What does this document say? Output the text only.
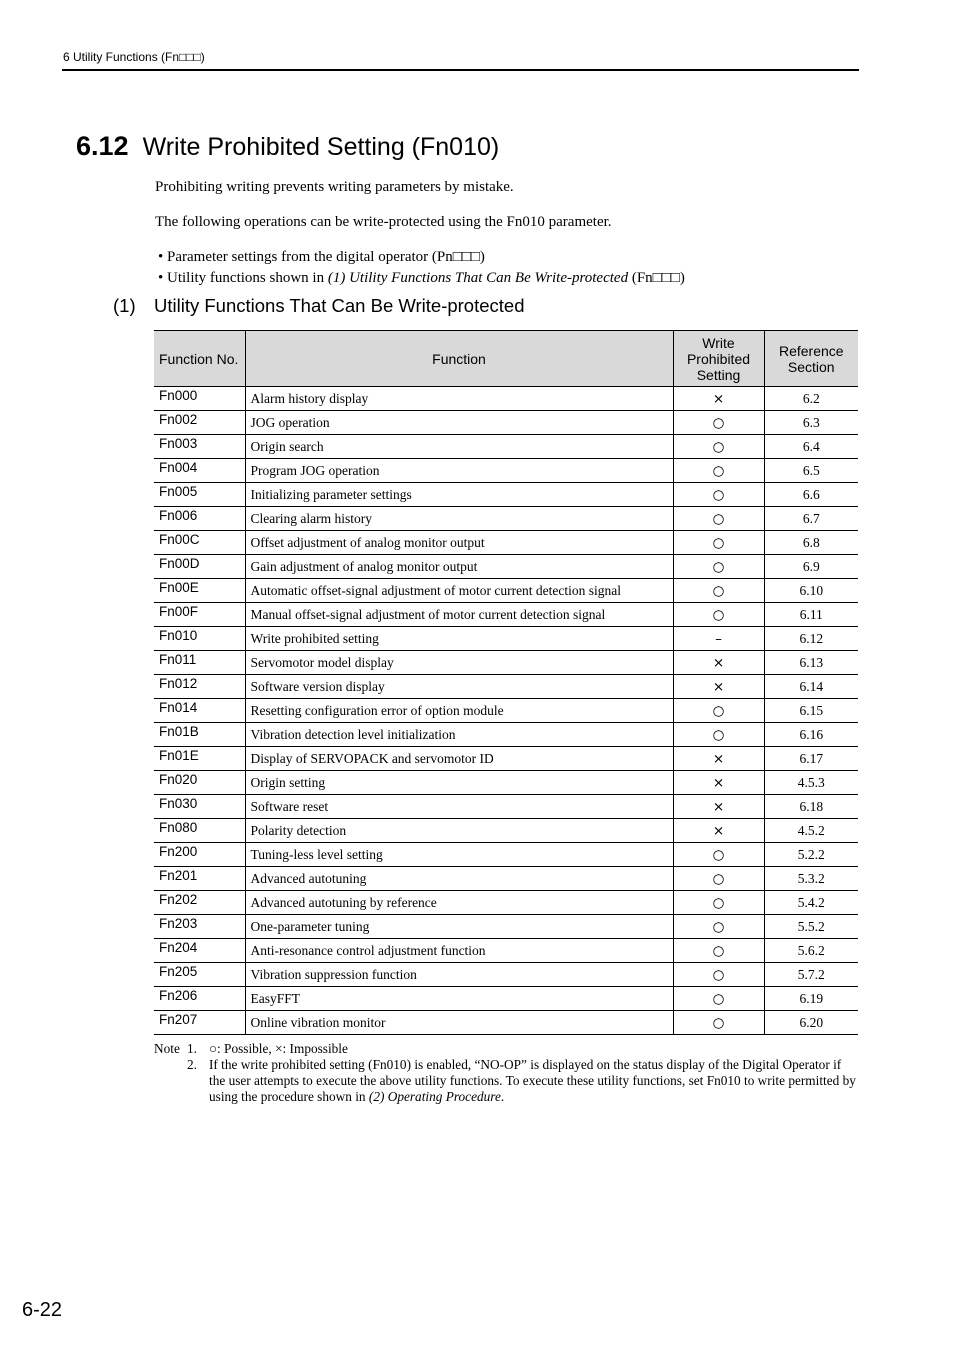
6 Utility Functions (Fn□□□)
6.12 Write Prohibited Setting (Fn010)
Prohibiting writing prevents writing parameters by mistake.
The following operations can be write-protected using the Fn010 parameter.
• Parameter settings from the digital operator (Pn□□□)
• Utility functions shown in (1) Utility Functions That Can Be Write-protected (Fn□□□)
(1) Utility Functions That Can Be Write-protected
Function No.	Function	Write Prohibited Setting	Reference Section
Fn000	Alarm history display	×	6.2
Fn002	JOG operation	○	6.3
Fn003	Origin search	○	6.4
Fn004	Program JOG operation	○	6.5
Fn005	Initializing parameter settings	○	6.6
Fn006	Clearing alarm history	○	6.7
Fn00C	Offset adjustment of analog monitor output	○	6.8
Fn00D	Gain adjustment of analog monitor output	○	6.9
Fn00E	Automatic offset-signal adjustment of motor current detection signal	○	6.10
Fn00F	Manual offset-signal adjustment of motor current detection signal	○	6.11
Fn010	Write prohibited setting	–	6.12
Fn011	Servomotor model display	×	6.13
Fn012	Software version display	×	6.14
Fn014	Resetting configuration error of option module	○	6.15
Fn01B	Vibration detection level initialization	○	6.16
Fn01E	Display of SERVOPACK and servomotor ID	×	6.17
Fn020	Origin setting	×	4.5.3
Fn030	Software reset	×	6.18
Fn080	Polarity detection	×	4.5.2
Fn200	Tuning-less level setting	○	5.2.2
Fn201	Advanced autotuning	○	5.3.2
Fn202	Advanced autotuning by reference	○	5.4.2
Fn203	One-parameter tuning	○	5.5.2
Fn204	Anti-resonance control adjustment function	○	5.6.2
Fn205	Vibration suppression function	○	5.7.2
Fn206	EasyFFT	○	6.19
Fn207	Online vibration monitor	○	6.20
Note 1. ○: Possible, ×: Impossible
2. If the write prohibited setting (Fn010) is enabled, “NO-OP” is displayed on the status display of the Digital Operator if the user attempts to execute the above utility functions. To execute these utility functions, set Fn010 to write permitted by using the procedure shown in (2) Operating Procedure.
6-22
